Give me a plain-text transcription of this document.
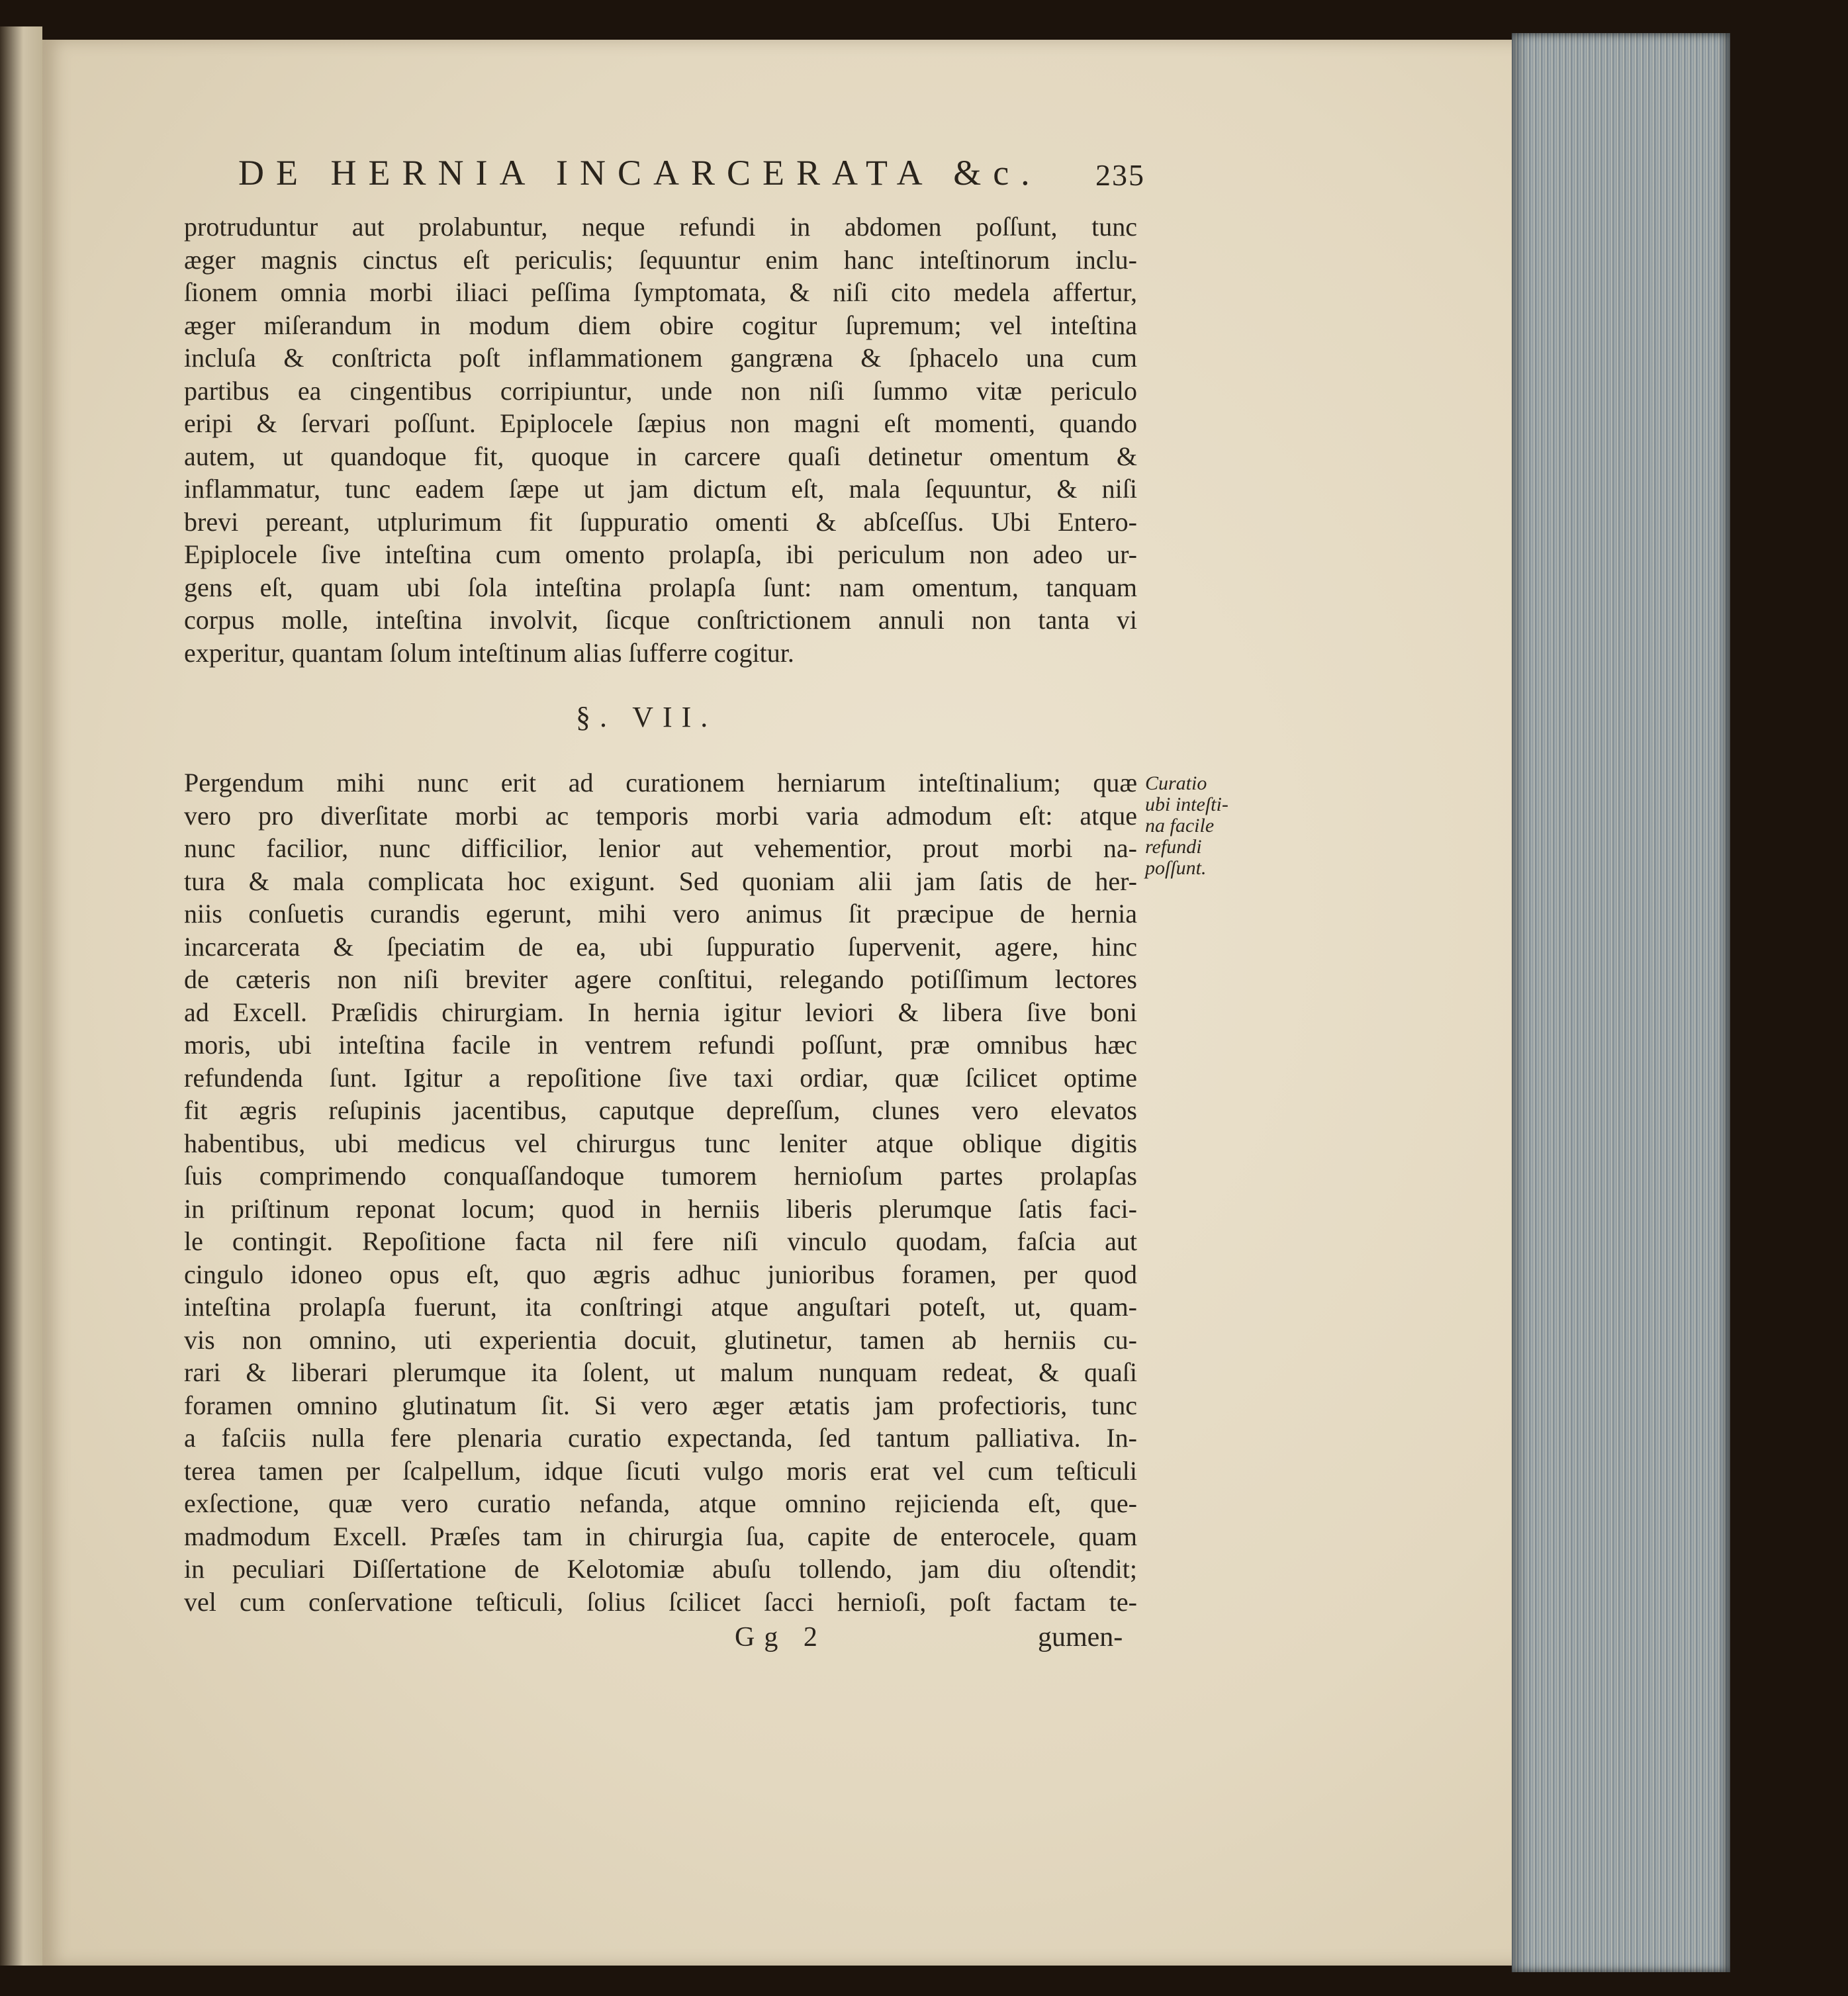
DE HERNIA INCARCERATA &c. 235
protruduntur aut prolabuntur, neque refundi in abdomen poſſunt, tunc
æger magnis cinctus eſt periculis; ſequuntur enim hanc inteſtinorum inclu-
ſionem omnia morbi iliaci peſſima ſymptomata, & niſi cito medela affertur,
æger miſerandum in modum diem obire cogitur ſupremum; vel inteſtina
incluſa & conſtricta poſt inflammationem gangræna & ſphacelo una cum
partibus ea cingentibus corripiuntur, unde non niſi ſummo vitæ periculo
eripi & ſervari poſſunt. Epiplocele ſæpius non magni eſt momenti, quando
autem, ut quandoque fit, quoque in carcere quaſi detinetur omentum &
inflammatur, tunc eadem ſæpe ut jam dictum eſt, mala ſequuntur, & niſi
brevi pereant, utplurimum fit ſuppuratio omenti & abſceſſus. Ubi Entero-
Epiplocele ſive inteſtina cum omento prolapſa, ibi periculum non adeo ur-
gens eſt, quam ubi ſola inteſtina prolapſa ſunt: nam omentum, tanquam
corpus molle, inteſtina involvit, ſicque conſtrictionem annuli non tanta vi
experitur, quantam ſolum inteſtinum alias ſufferre cogitur.
§. VII.
Pergendum mihi nunc erit ad curationem herniarum inteſtinalium; quæ
vero pro diverſitate morbi ac temporis morbi varia admodum eſt: atque
nunc facilior, nunc difficilior, lenior aut vehementior, prout morbi na-
tura & mala complicata hoc exigunt. Sed quoniam alii jam ſatis de her-
niis conſuetis curandis egerunt, mihi vero animus ſit præcipue de hernia
incarcerata & ſpeciatim de ea, ubi ſuppuratio ſupervenit, agere, hinc
de cæteris non niſi breviter agere conſtitui, relegando potiſſimum lectores
ad Excell. Præſidis chirurgiam. In hernia igitur leviori & libera ſive boni
moris, ubi inteſtina facile in ventrem refundi poſſunt, præ omnibus hæc
refundenda ſunt. Igitur a repoſitione ſive taxi ordiar, quæ ſcilicet optime
fit ægris reſupinis jacentibus, caputque depreſſum, clunes vero elevatos
habentibus, ubi medicus vel chirurgus tunc leniter atque oblique digitis
ſuis comprimendo conquaſſandoque tumorem hernioſum partes prolapſas
in priſtinum reponat locum; quod in herniis liberis plerumque ſatis faci-
le contingit. Repoſitione facta nil fere niſi vinculo quodam, faſcia aut
cingulo idoneo opus eſt, quo ægris adhuc junioribus foramen, per quod
inteſtina prolapſa fuerunt, ita conſtringi atque anguſtari poteſt, ut, quam-
vis non omnino, uti experientia docuit, glutinetur, tamen ab herniis cu-
rari & liberari plerumque ita ſolent, ut malum nunquam redeat, & quaſi
foramen omnino glutinatum ſit. Si vero æger ætatis jam profectioris, tunc
a faſciis nulla fere plenaria curatio expectanda, ſed tantum palliativa. In-
terea tamen per ſcalpellum, idque ſicuti vulgo moris erat vel cum teſticuli
exſectione, quæ vero curatio nefanda, atque omnino rejicienda eſt, que-
madmodum Excell. Præſes tam in chirurgia ſua, capite de enterocele, quam
in peculiari Diſſertatione de Kelotomiæ abuſu tollendo, jam diu oſtendit;
vel cum conſervatione teſticuli, ſolius ſcilicet ſacci hernioſi, poſt factam te-
Curatio
ubi inteſti-
na facile
refundi
poſſunt.
Gg 2	gumen-
